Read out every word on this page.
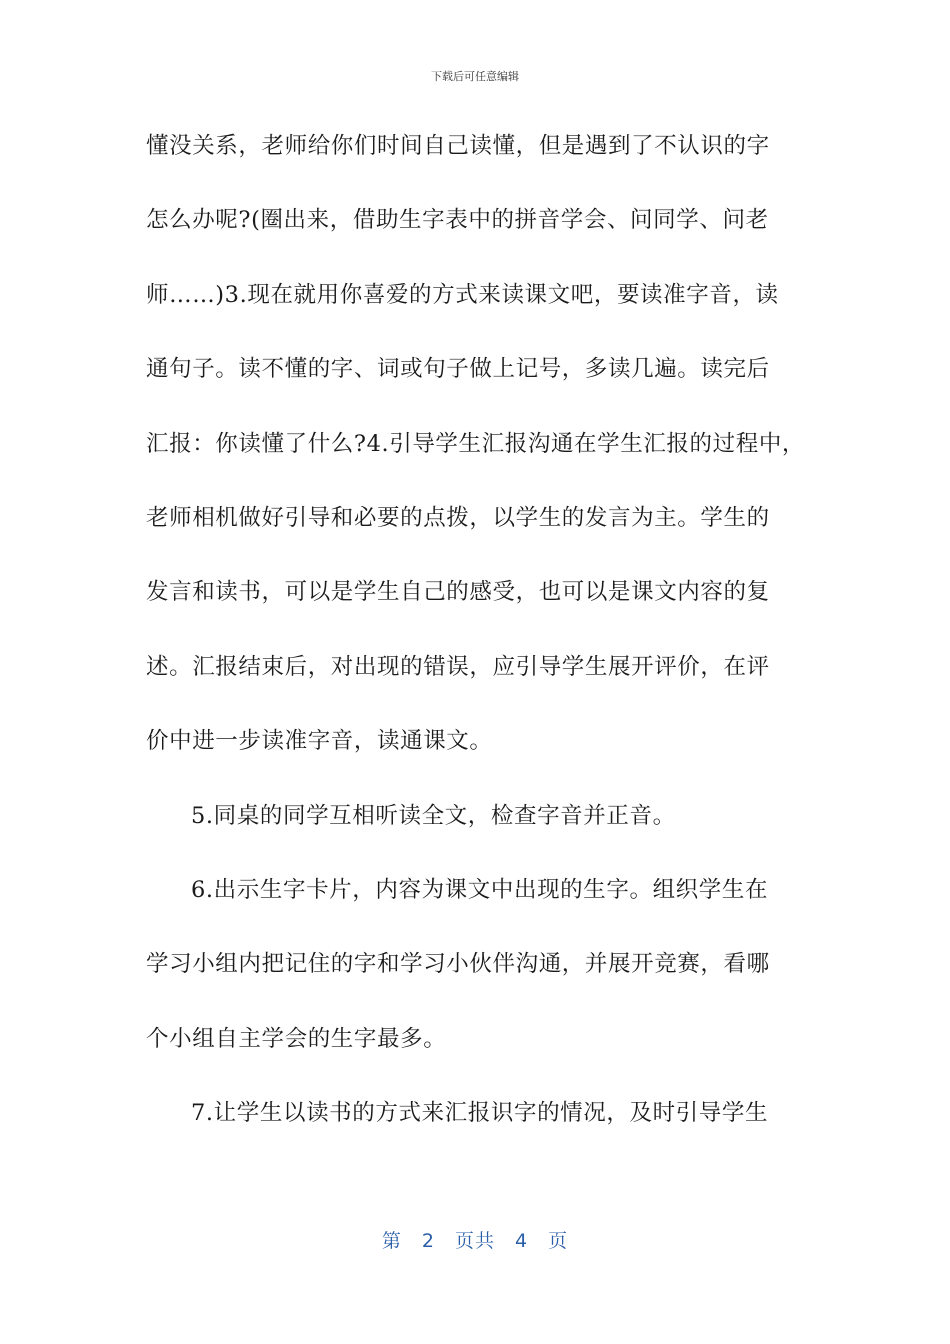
下载后可任意编辑
懂没关系，老师给你们时间自己读懂，但是遇到了不认识的字
怎么办呢?(圈出来，借助生字表中的拼音学会、问同学、问老
师……)3.现在就用你喜爱的方式来读课文吧，要读准字音，读
通句子。读不懂的字、词或句子做上记号，多读几遍。读完后
汇报：你读懂了什么?4.引导学生汇报沟通在学生汇报的过程中，
老师相机做好引导和必要的点拨，以学生的发言为主。学生的
发言和读书，可以是学生自己的感受，也可以是课文内容的复
述。汇报结束后，对出现的错误，应引导学生展开评价，在评
价中进一步读准字音，读通课文。
5.同桌的同学互相听读全文，检查字音并正音。
6.出示生字卡片，内容为课文中出现的生字。组织学生在
学习小组内把记住的字和学习小伙伴沟通，并展开竞赛，看哪
个小组自主学会的生字最多。
7.让学生以读书的方式来汇报识字的情况，及时引导学生
第 2 页共 4 页
